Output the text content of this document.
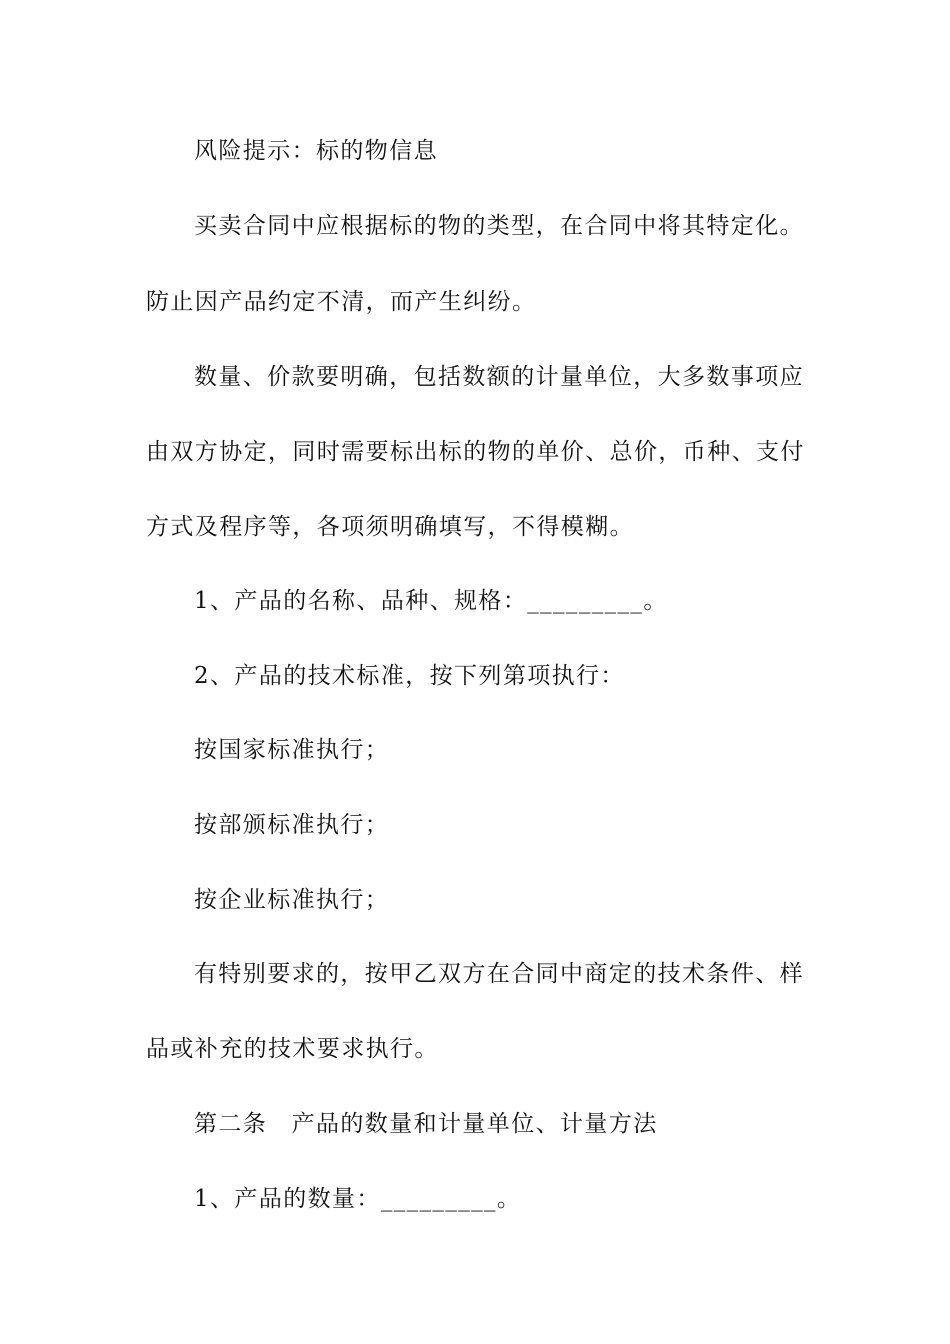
风险提示：标的物信息
买卖合同中应根据标的物的类型，在合同中将其特定化。
防止因产品约定不清，而产生纠纷。
数量、价款要明确，包括数额的计量单位，大多数事项应
由双方协定，同时需要标出标的物的单价、总价，币种、支付
方式及程序等，各项须明确填写，不得模糊。
1、产品的名称、品种、规格：_________。
2、产品的技术标准，按下列第项执行：
按国家标准执行；
按部颁标准执行；
按企业标准执行；
有特别要求的，按甲乙双方在合同中商定的技术条件、样
品或补充的技术要求执行。
第二条　产品的数量和计量单位、计量方法
1、产品的数量：_________。
